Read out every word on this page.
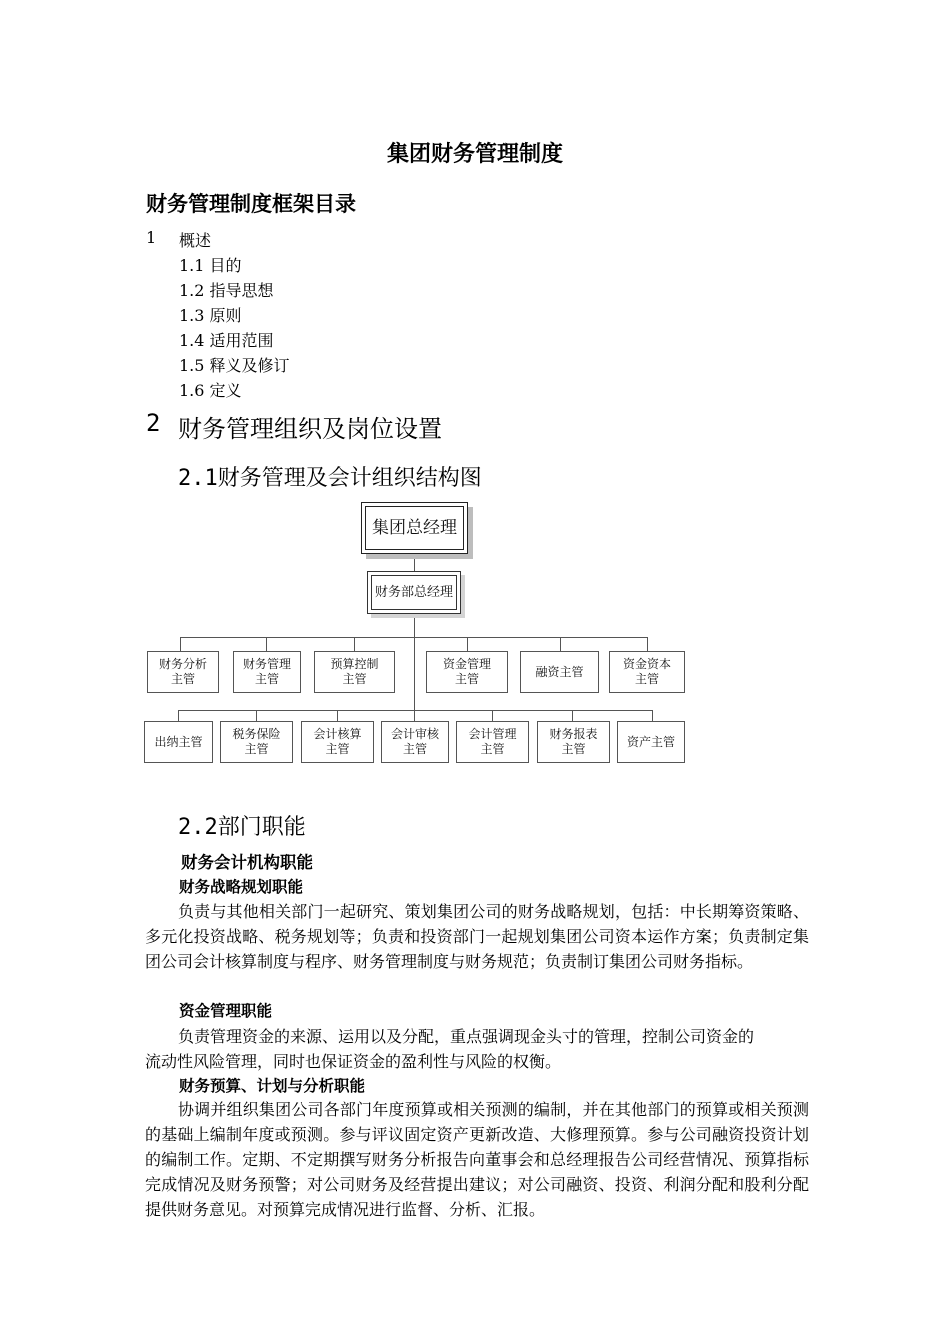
集团财务管理制度
财务管理制度框架目录
1 概述
1.1 目的
1.2 指导思想
1.3 原则
1.4 适用范围
1.5 释义及修订
1.6 定义
2 财务管理组织及岗位设置
2.1财务管理及会计组织结构图
集团总经理
财务部总经理
财务分析
主管
财务管理
主管
预算控制
主管
资金管理
主管
融资主管
资金资本
主管
出纳主管
税务保险
主管
会计核算
主管
会计审核
主管
会计管理
主管
财务报表
主管
资产主管
2.2部门职能
财务会计机构职能
财务战略规划职能
负责与其他相关部门一起研究、策划集团公司的财务战略规划，包括：中长期筹资策略、多元化投资战略、税务规划等；负责和投资部门一起规划集团公司资本运作方案；负责制定集团公司会计核算制度与程序、财务管理制度与财务规范；负责制订集团公司财务指标。
资金管理职能
负责管理资金的来源、运用以及分配，重点强调现金头寸的管理，控制公司资金的
流动性风险管理，同时也保证资金的盈利性与风险的权衡。
财务预算、计划与分析职能
协调并组织集团公司各部门年度预算或相关预测的编制，并在其他部门的预算或相关预测的基础上编制年度或预测。参与评议固定资产更新改造、大修理预算。参与公司融资投资计划的编制工作。定期、不定期撰写财务分析报告向董事会和总经理报告公司经营情况、预算指标完成情况及财务预警；对公司财务及经营提出建议；对公司融资、投资、利润分配和股利分配提供财务意见。对预算完成情况进行监督、分析、汇报。
